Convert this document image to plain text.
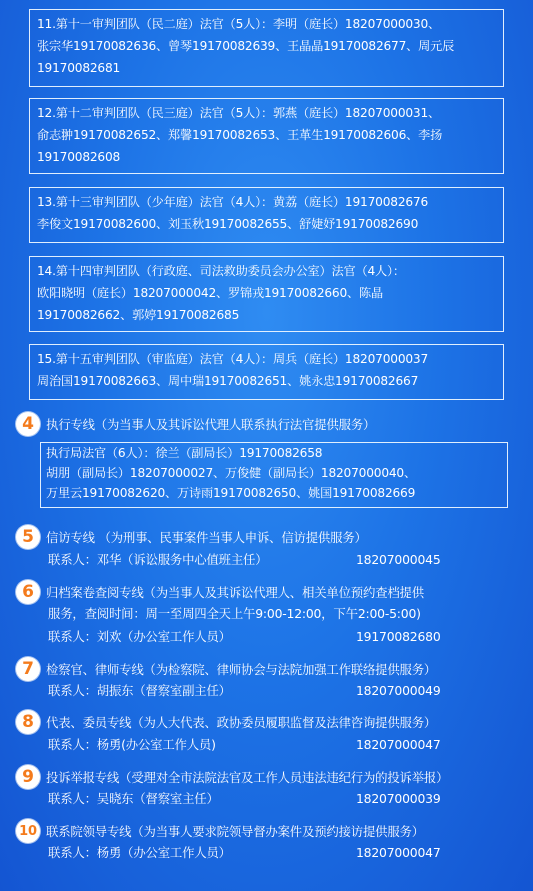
11.第十一审判团队（民二庭）法官（5人）：李明（庭长）18207000030、
张宗华19170082636、曾琴19170082639、王晶晶19170082677、周元辰
19170082681
12.第十二审判团队（民三庭）法官（5人）：郭燕（庭长）18207000031、
俞志翀19170082652、郑馨19170082653、王革生19170082606、李扬
19170082608
13.第十三审判团队（少年庭）法官（4人）：黄荔（庭长）19170082676
李俊文19170082600、刘玉秋19170082655、舒婕妤19170082690
14.第十四审判团队（行政庭、司法救助委员会办公室）法官（4人）：
欧阳晓明（庭长）18207000042、罗锦戎19170082660、陈晶
19170082662、郭婷19170082685
15.第十五审判团队（审监庭）法官（4人）：周兵（庭长）18207000037
周治国19170082663、周中瑞19170082651、姚永忠19170082667
4 执行专线（为当事人及其诉讼代理人联系执行法官提供服务）
执行局法官（6人）：徐兰（副局长）19170082658
胡朋（副局长）18207000027、万俊健（副局长）18207000040、
万里云19170082620、万诗雨19170082650、姚国19170082669
5 信访专线 （为刑事、民事案件当事人申诉、信访提供服务）
联系人：邓华（诉讼服务中心值班主任）	18207000045
6 归档案卷查阅专线（为当事人及其诉讼代理人、相关单位预约查档提供
服务，查阅时间：周一至周四全天上午9:00-12:00，下午2:00-5:00)
联系人：刘欢（办公室工作人员）	19170082680
7 检察官、律师专线（为检察院、律师协会与法院加强工作联络提供服务）
联系人：胡振东（督察室副主任）	18207000049
8 代表、委员专线（为人大代表、政协委员履职监督及法律咨询提供服务）
联系人：杨勇(办公室工作人员)	18207000047
9 投诉举报专线（受理对全市法院法官及工作人员违法违纪行为的投诉举报）
联系人：吴晓东（督察室主任）	18207000039
10 联系院领导专线（为当事人要求院领导督办案件及预约接访提供服务）
联系人：杨勇（办公室工作人员）	18207000047
